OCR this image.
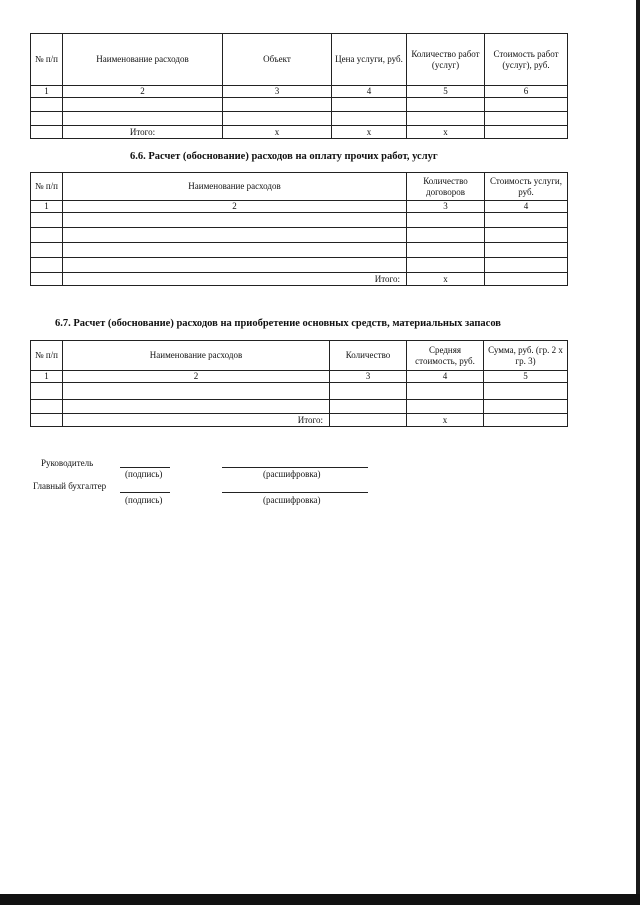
№ п/п	Наименование расходов	Объект	Цена услуги, руб.	Количество работ (услуг)	Стоимость работ (услуг), руб.
1	2	3	4	5	6

	Итого:	x	x	x	
6.6. Расчет (обоснование) расходов на оплату прочих работ, услуг
№ п/п	Наименование расходов	Количество договоров	Стоимость услуги, руб.
1	2	3	4

	Итого:	x	
6.7. Расчет (обоснование) расходов на приобретение основных средств, материальных запасов
№ п/п	Наименование расходов	Количество	Средняя стоимость, руб.	Сумма, руб. (гр. 2 х гр. 3)
1	2	3	4	5

	Итого:		x	
Руководитель
(подпись)	(расшифровка)
Главный бухгалтер
(подпись)	(расшифровка)
